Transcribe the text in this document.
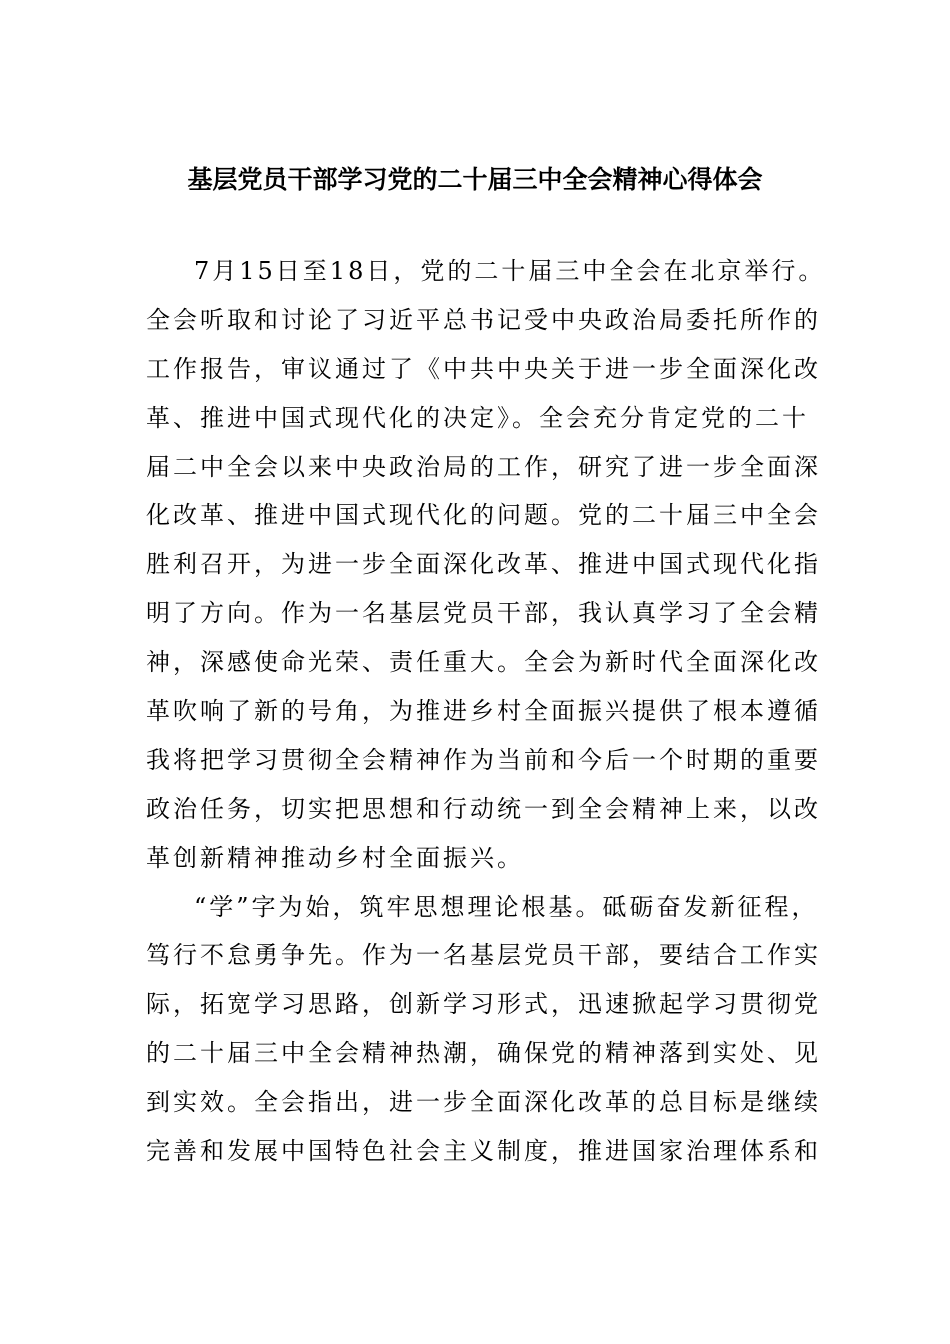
基层党员干部学习党的二十届三中全会精神心得体会
7月15日至18日，党的二十届三中全会在北京举行。
全会听取和讨论了习近平总书记受中央政治局委托所作的
工作报告，审议通过了《中共中央关于进一步全面深化改
革、推进中国式现代化的决定》。全会充分肯定党的二十
届二中全会以来中央政治局的工作，研究了进一步全面深
化改革、推进中国式现代化的问题。党的二十届三中全会
胜利召开，为进一步全面深化改革、推进中国式现代化指
明了方向。作为一名基层党员干部，我认真学习了全会精
神，深感使命光荣、责任重大。全会为新时代全面深化改
革吹响了新的号角，为推进乡村全面振兴提供了根本遵循
我将把学习贯彻全会精神作为当前和今后一个时期的重要
政治任务，切实把思想和行动统一到全会精神上来，以改
革创新精神推动乡村全面振兴。
“学”字为始，筑牢思想理论根基。砥砺奋发新征程，
笃行不怠勇争先。作为一名基层党员干部，要结合工作实
际，拓宽学习思路，创新学习形式，迅速掀起学习贯彻党
的二十届三中全会精神热潮，确保党的精神落到实处、见
到实效。全会指出，进一步全面深化改革的总目标是继续
完善和发展中国特色社会主义制度，推进国家治理体系和
